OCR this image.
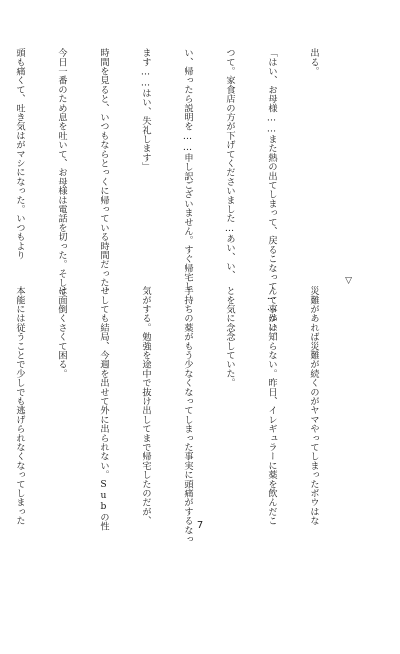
出る。

「はい、お母様……また熱の出てしまって、戻るこなって……はい。

つて。家食店の方が下げてくださいました…あい、い、

い、帰ったら説明を……申し訳ございません。すぐ帰宅し

ます……はい、失礼します」

時間を見ると、いつもならとっくに帰っている時間だった。

今日一番のため息を吐いて、お母様は電話を切った。そして

頭も痛くて、吐き気はがマシになった。いつもより

▽

災難があれば災難が続くのがヤマやってしまったボウはな

んて事かは知らない。昨日、イレギュラーに薬を飲んだこ

とを気に念念していた。

手持ちの薬がもう少なくなってしまった事実に頭痛がするなっ

気がする。勉強を途中で抜け出してまで帰宅したのだが、

せしても結局、今週を出せて外に出られない。Subの性

は面倒くさくて困る。

本能には従うことで少しでも逃げられなくなってしまった

7
